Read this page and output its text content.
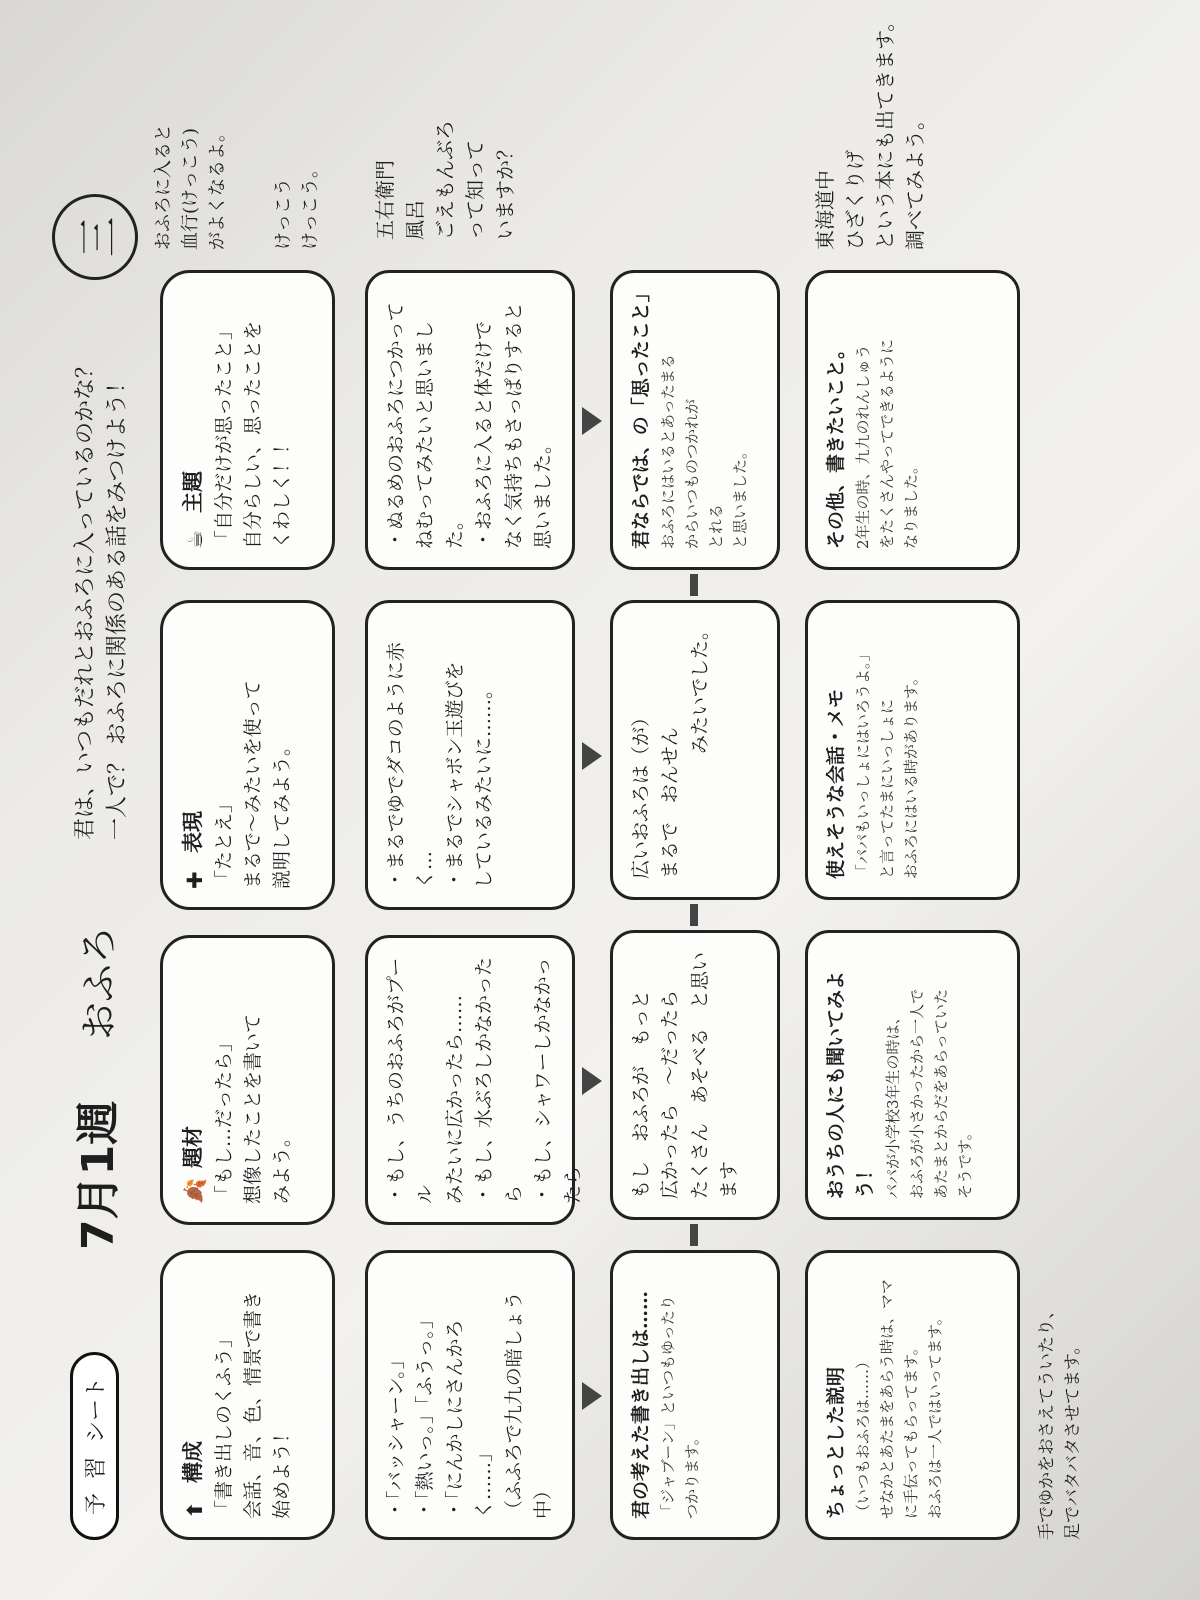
予
習
シート
7月1週
おふろ
君は、いつもだれとおふろに入っているのかな？ 一人で？ おふろに関係のある話をみつけよう！
三
⬆
構成 「書き出しのくふう」 会話、音、色、情景で書き 始めよう！
🍂
題材 「もし…だったら」 想像したことを書いて みよう。
✚
表現 「たとえ」 まるで〜みたいを使って 説明してみよう。
☕
主題 「自分だけが思ったこと」 自分らしい、思ったことを くわしく！！
おふろに入ると 血行(けっこう) がよくなるよ。	けっこう けっこう。
・「バッシャーン。」 ・「熱いっ。」「ふうっ。」 ・「にんかしにさんかろく……」 （ふふろで九九の暗しょう中）
・もし、うちのおふろがプール みたいに広かったら…… ・もし、水ぶろしかなかったら ・もし、シャワーしかなかったら
・まるでゆでダコのように赤く… ・まるでシャボン玉遊びを しているみたいに……。
・ぬるめのおふろにつかって ねむってみたいと思いました。 ・おふろに入ると体だけで なく気持ちもさっぱりすると 思いました。
五右衛門 風呂 ごえもんぶろ って知って いますか？
君の考えた書き出しは…… 「ジャブーン」といつもゆったり つかります。
もし　おふろが　もっと 広かったら　〜だったら たくさん　あそべる　と思います
広いおふろは（が） まるで　おんせん
みたいでした。
君ならでは、の「思ったこと」 おふろにはいるとあったまる からいつものつかれが とれる と思いました。
ちょっとした説明 （いつもおふろは……） せなかとあたまをあらう時は、ママ に手伝ってもらってます。 おふろは一人ではいってます。
おうちの人にも聞いてみよう！ パパが小学校3年生の時は、 おふろが小さかったから一人で あたまとからだをあらっていた そうです。
使えそうな会話・メモ 「パパもいっしょにはいろうよ。」 と言ってたまにいっしょに おふろにはいる時があります。
その他、書きたいこと。 2年生の時、九九のれんしゅう をたくさんやってできるように なりました。
東海道中 ひざくりげ という本にも出てきます。 調べてみよう。
手でゆかをおさえてういたり、 足でバタバタさせてます。
